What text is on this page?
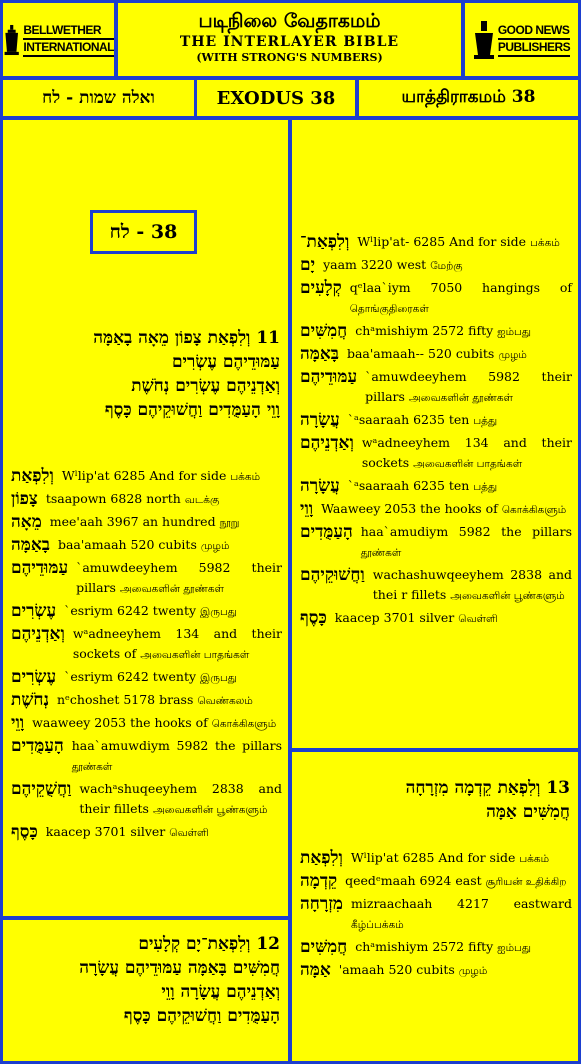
BELLWETHER
INTERNATIONAL
படிநிலை வேதாகமம்
THE INTERLAYER BIBLE
(WITH STRONG'S NUMBERS)
GOOD NEWS
PUBLISHERS
ואלה שמות - לח	EXODUS 38	யாத்திராகமம் 38
38 - לח
11 וְלִפְאַת צָפוֹן מֵאָה בָאַמָּה
עַמּוּדֵיהֶם עֶשְׂרִים
וְאַדְנֵיהֶם עֶשְׂרִים נְחֹשֶׁת
וָוֵי הָעַמֻּדִים וַחֲשׁוּקֵיהֶם כָּסֶף
וְלִפְאַת Wˡlip'at 6285 And for side பக்கம்
צָפוֹן tsaapown 6828 north வடக்கு
מֵאָה mee'aah 3967 an hundred நூறு
בָאַמָּה baa'amaah 520 cubits முழம்
עַמּוּדֵיהֶם `amuwdeeyhem 5982 their pillars அவைகளின் தூண்கள்
עֶשְׂרִים `esriym 6242 twenty இருபது
וְאַדְנֵיהֶם wᵃadneeyhem 134 and their sockets of அவைகளின் பாதங்கள்
עֶשְׂרִים `esriym 6242 twenty இருபது
נְחֹשֶׁת nᵉchoshet 5178 brass வெண்கலம்
וָוֵי waaweey 2053 the hooks of கொக்கிகளும்
הָעַמֻּדִים haa`amuwdiym 5982 the pillars தூண்கள்
וַחֲשֻׁקֵיהֶם wachᵃshuqeeyhem 2838 and their fillets அவைகளின் பூண்களும்
כָּסֶף kaacep 3701 silver வெள்ளி
12 וְלִפְאַת־יָם קְלָעִים
חֲמִשִּׁים בָּאַמָּה עַמּוּדֵיהֶם עֲשָׂרָה
וְאַדְנֵיהֶם עֲשָׂרָה וָוֵי
הָעַמֻּדִים וַחֲשׁוּקֵיהֶם כָּסֶף
וְלִפְאַת־ Wˡlip'at- 6285 And for side பக்கம்
יָם yaam 3220 west மேற்கு
קְלָעִים qᵉlaa`iym 7050 hangings of தொங்குதிரைகள்
חֲמִשִּׁים chᵃmishiym 2572 fifty ஐம்பது
בָּאַמָּה baa'amaah-- 520 cubits முழம்
עַמּוּדֵיהֶם `amuwdeeyhem 5982 their pillars அவைகளின் தூண்கள்
עֲשָׂרָה `ᵃsaaraah 6235 ten பத்து
וְאַדְנֵיהֶם wᵃadneeyhem 134 and their sockets அவைகளின் பாதங்கள்
עֲשָׂרָה `ᵃsaaraah 6235 ten பத்து
וָוֵי Waaweey 2053 the hooks of கொக்கிகளும்
הָעַמֻּדִים haa`amudiym 5982 the pillars தூண்கள்
וַחֲשׁוּקֵיהֶם wachashuwqeeyhem 2838 and thei r fillets அவைகளின் பூண்களும்
כָּסֶף kaacep 3701 silver வெள்ளி
13 וְלִפְאַת קֵדְמָה מִזְרָחָה
חֲמִשִּׁים אַמָּה
וְלִפְאַת Wˡlip'at 6285 And for side பக்கம்
קֵדְמָה qeedᵉmaah 6924 east சூரியன் உதிக்கிற
מִזְרָחָה mizraachaah 4217 eastward கீழ்ப்பக்கம்
חֲמִשִּׁים chᵃmishiym 2572 fifty ஐம்பது
אַמָּה 'amaah 520 cubits முழம்
